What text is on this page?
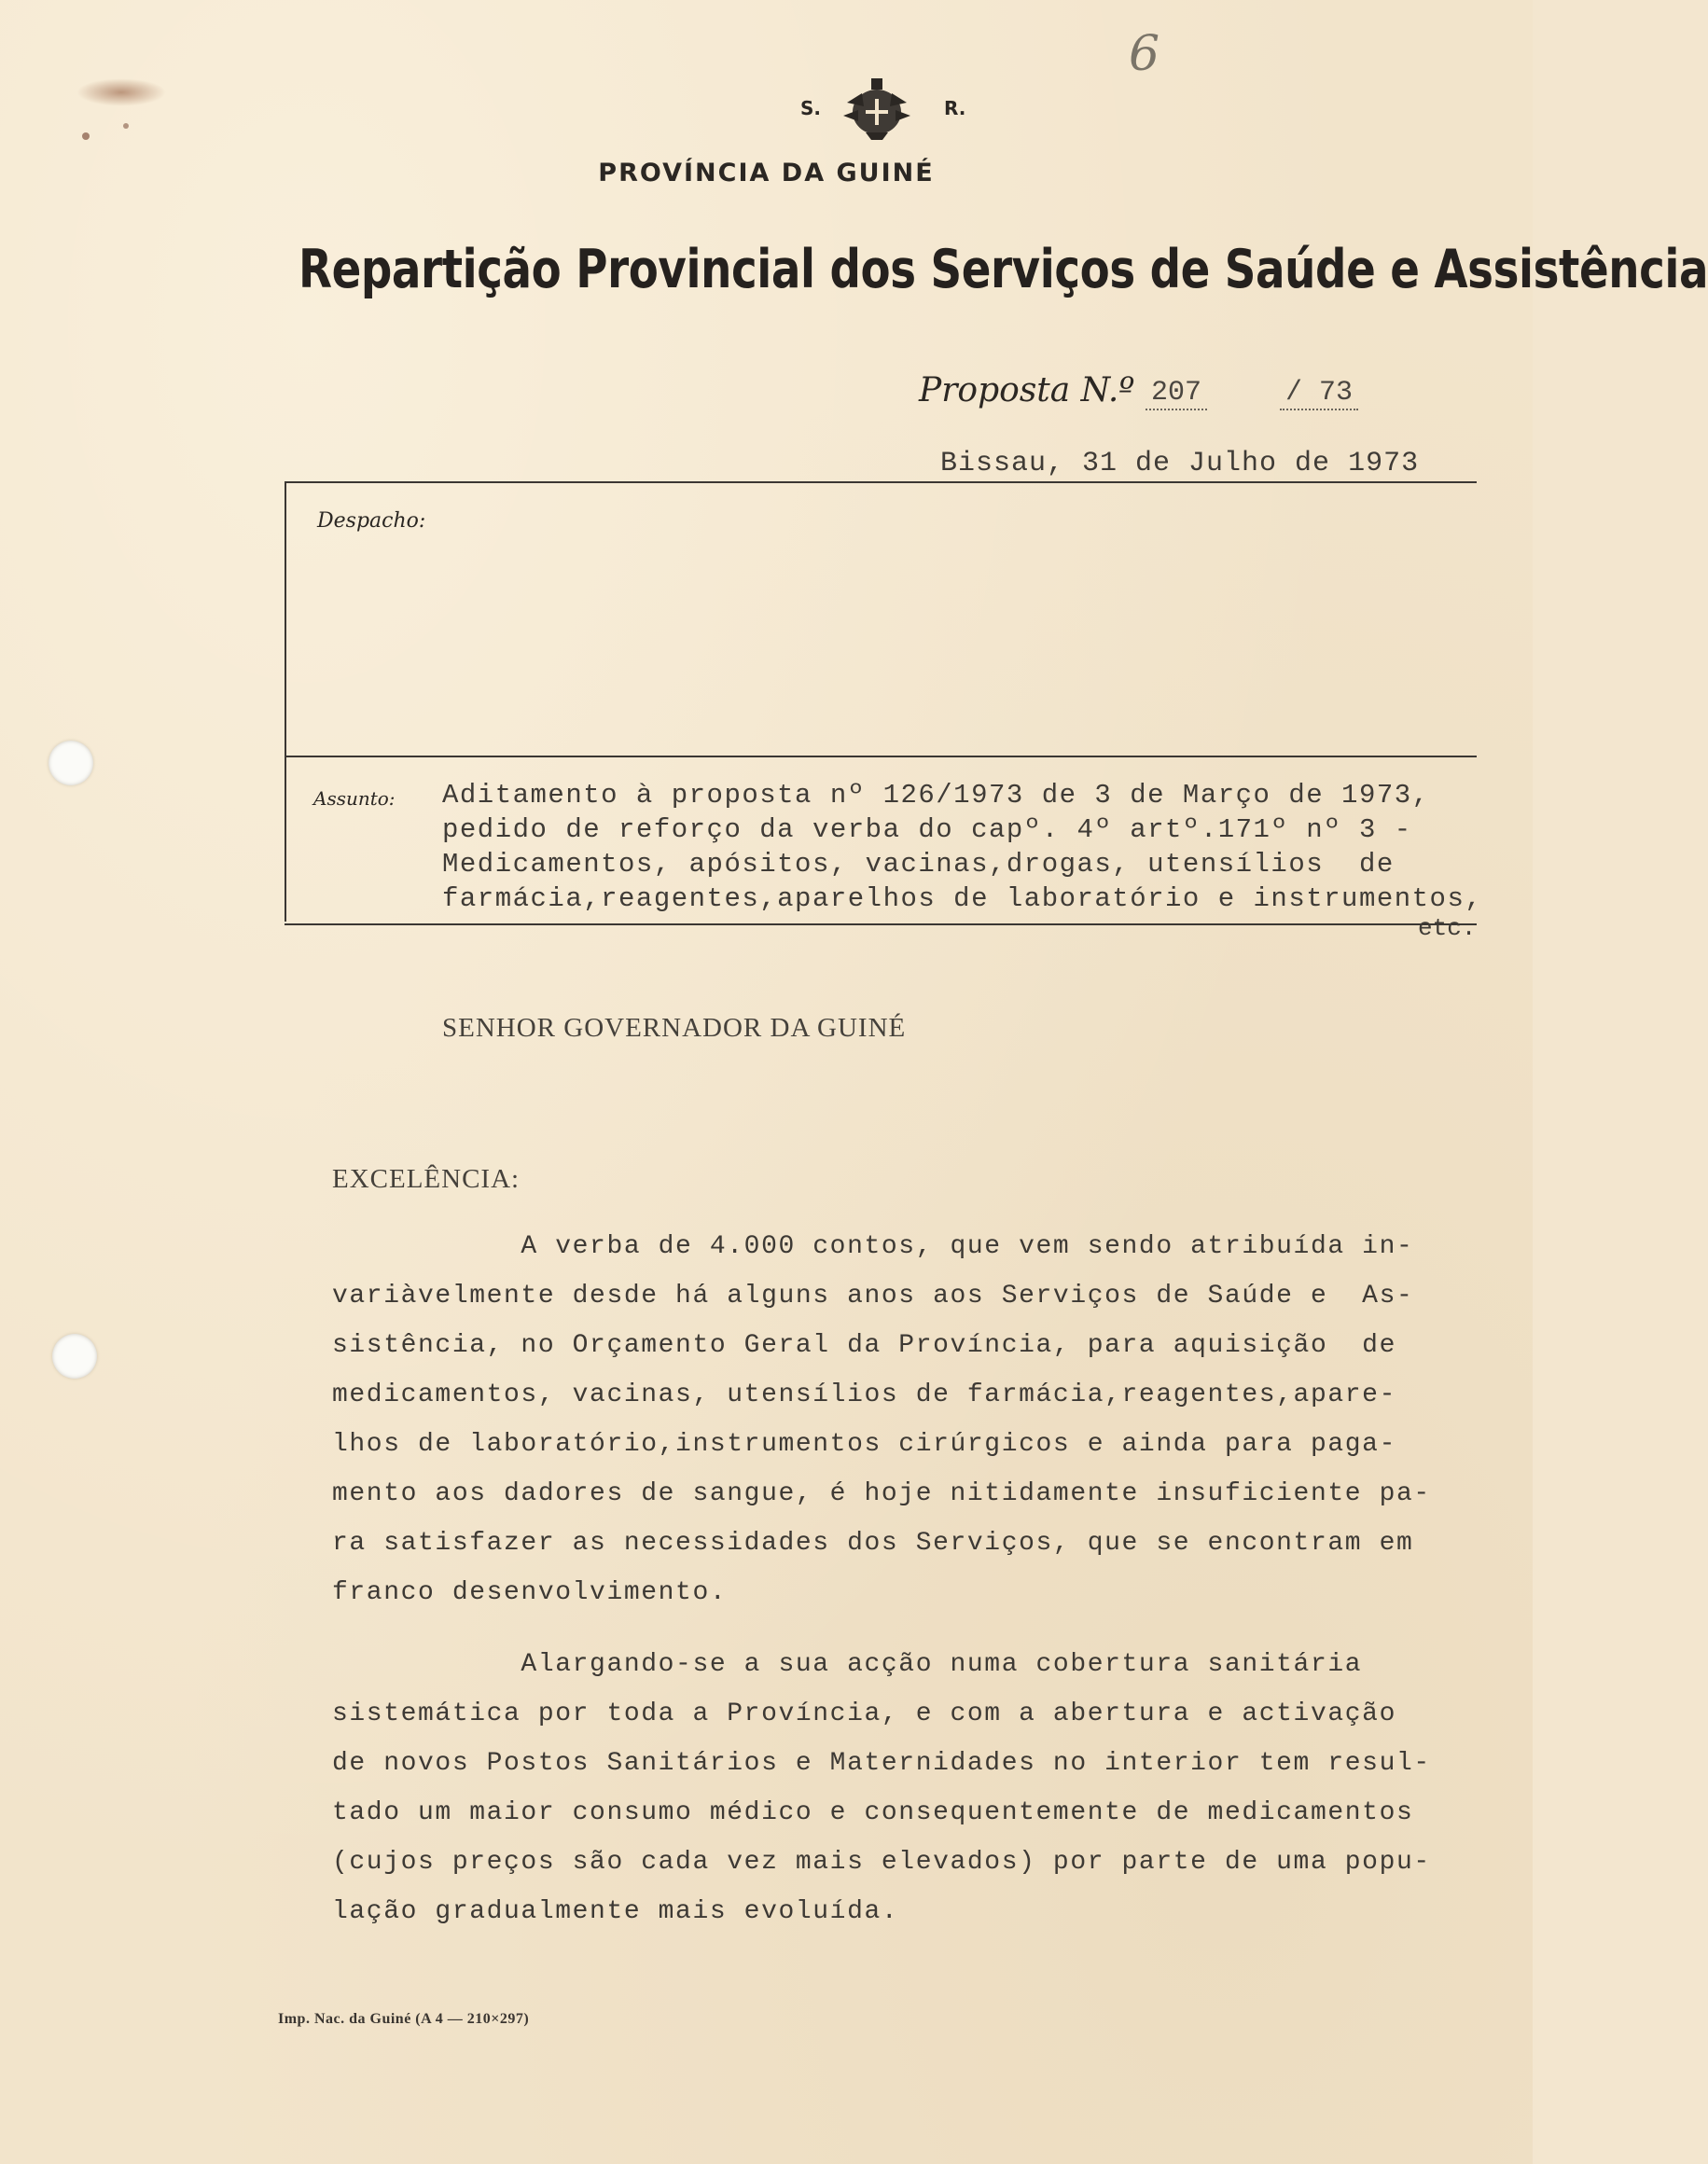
6
S.	R.
PROVÍNCIA DA GUINÉ
Repartição Provincial dos Serviços de Saúde e Assistência
Proposta N.º 207	/ 73
Bissau, 31 de Julho de 1973
Despacho:
Assunto: Aditamento à proposta nº 126/1973 de 3 de Março de 1973,
pedido de reforço da verba do capº. 4º artº.171º nº 3 -
Medicamentos, apósitos, vacinas,drogas, utensílios  de
farmácia,reagentes,aparelhos de laboratório e instrumentos,
etc.
SENHOR GOVERNADOR DA GUINÉ
EXCELÊNCIA:
A verba de 4.000 contos, que vem sendo atribuída in-
variàvelmente desde há alguns anos aos Serviços de Saúde e  As-
sistência, no Orçamento Geral da Província, para aquisição  de
medicamentos, vacinas, utensílios de farmácia,reagentes,apare-
lhos de laboratório,instrumentos cirúrgicos e ainda para paga-
mento aos dadores de sangue, é hoje nitidamente insuficiente pa-
ra satisfazer as necessidades dos Serviços, que se encontram em
franco desenvolvimento.
Alargando-se a sua acção numa cobertura sanitária
sistemática por toda a Província, e com a abertura e activação
de novos Postos Sanitários e Maternidades no interior tem resul-
tado um maior consumo médico e consequentemente de medicamentos
(cujos preços são cada vez mais elevados) por parte de uma popu-
lação gradualmente mais evoluída.
Imp. Nac. da Guiné (A 4 — 210×297)
